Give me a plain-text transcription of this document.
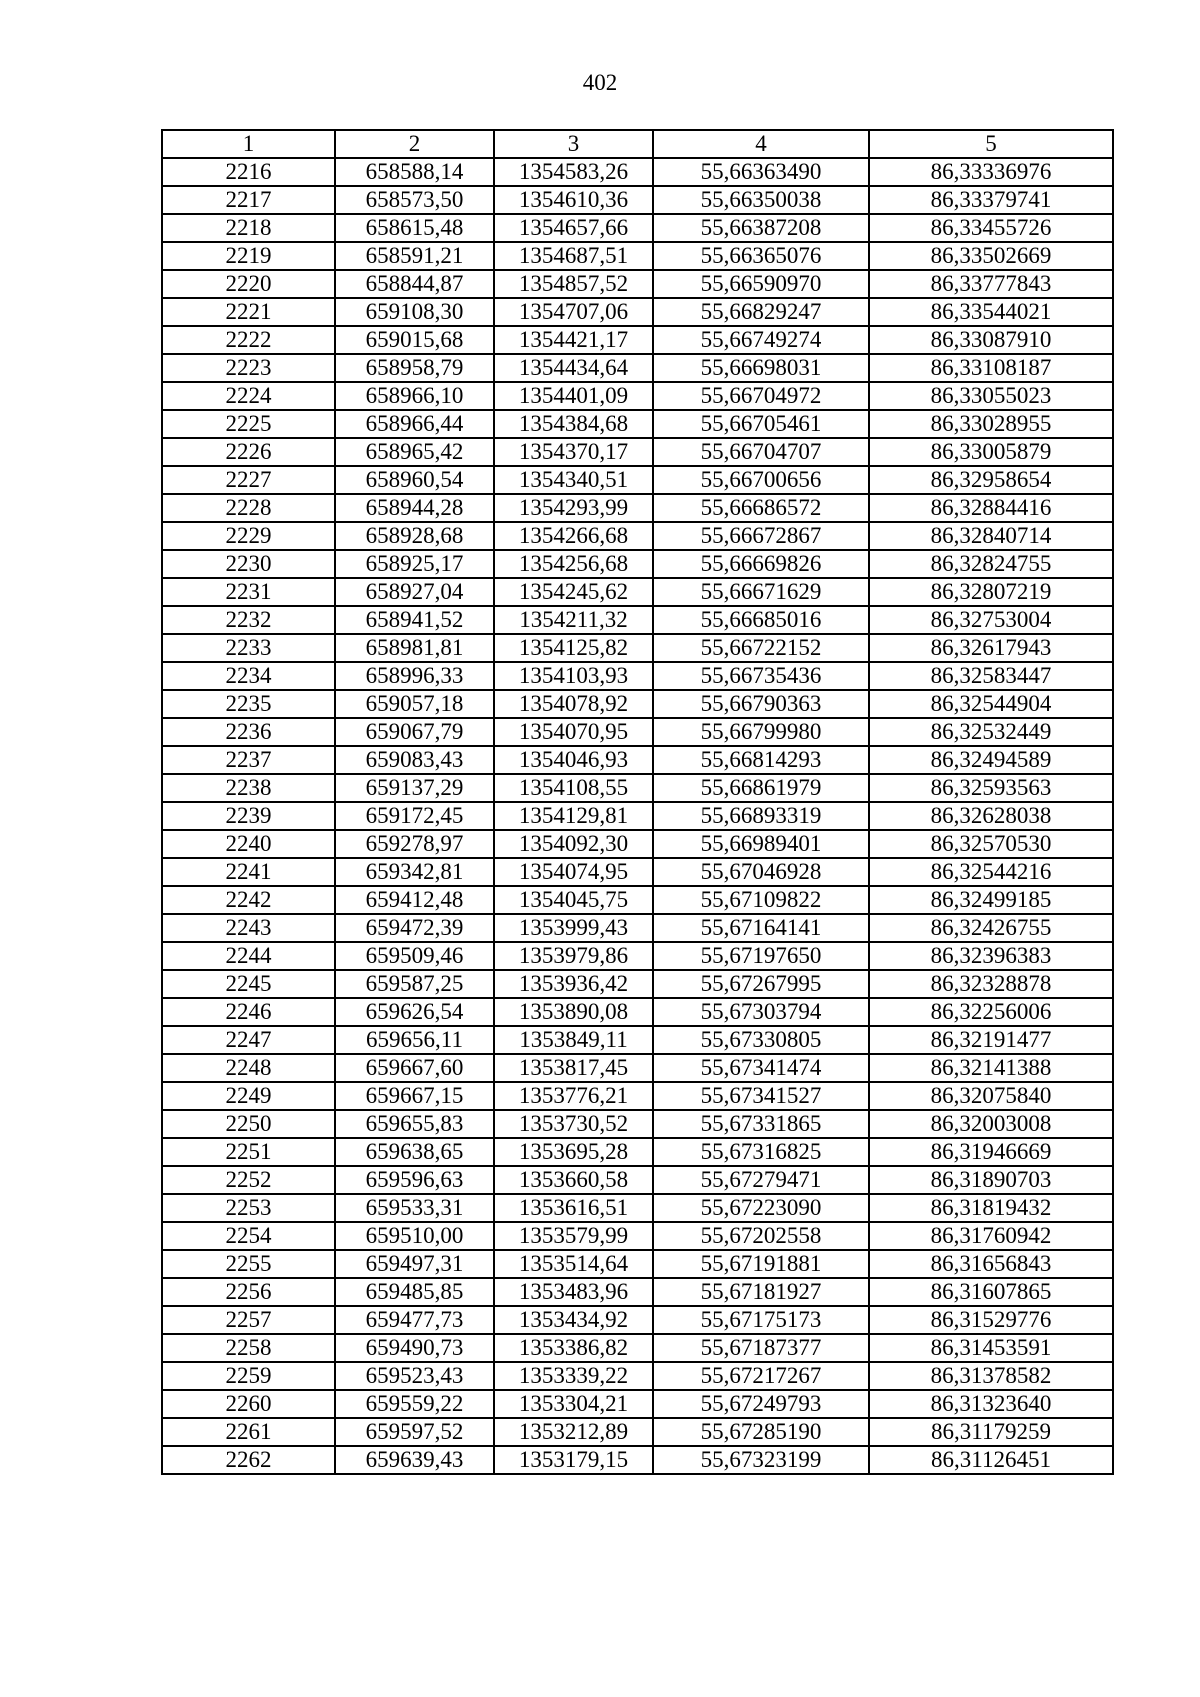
402
1	2	3	4	5
2216	658588,14	1354583,26	55,66363490	86,33336976
2217	658573,50	1354610,36	55,66350038	86,33379741
2218	658615,48	1354657,66	55,66387208	86,33455726
2219	658591,21	1354687,51	55,66365076	86,33502669
2220	658844,87	1354857,52	55,66590970	86,33777843
2221	659108,30	1354707,06	55,66829247	86,33544021
2222	659015,68	1354421,17	55,66749274	86,33087910
2223	658958,79	1354434,64	55,66698031	86,33108187
2224	658966,10	1354401,09	55,66704972	86,33055023
2225	658966,44	1354384,68	55,66705461	86,33028955
2226	658965,42	1354370,17	55,66704707	86,33005879
2227	658960,54	1354340,51	55,66700656	86,32958654
2228	658944,28	1354293,99	55,66686572	86,32884416
2229	658928,68	1354266,68	55,66672867	86,32840714
2230	658925,17	1354256,68	55,66669826	86,32824755
2231	658927,04	1354245,62	55,66671629	86,32807219
2232	658941,52	1354211,32	55,66685016	86,32753004
2233	658981,81	1354125,82	55,66722152	86,32617943
2234	658996,33	1354103,93	55,66735436	86,32583447
2235	659057,18	1354078,92	55,66790363	86,32544904
2236	659067,79	1354070,95	55,66799980	86,32532449
2237	659083,43	1354046,93	55,66814293	86,32494589
2238	659137,29	1354108,55	55,66861979	86,32593563
2239	659172,45	1354129,81	55,66893319	86,32628038
2240	659278,97	1354092,30	55,66989401	86,32570530
2241	659342,81	1354074,95	55,67046928	86,32544216
2242	659412,48	1354045,75	55,67109822	86,32499185
2243	659472,39	1353999,43	55,67164141	86,32426755
2244	659509,46	1353979,86	55,67197650	86,32396383
2245	659587,25	1353936,42	55,67267995	86,32328878
2246	659626,54	1353890,08	55,67303794	86,32256006
2247	659656,11	1353849,11	55,67330805	86,32191477
2248	659667,60	1353817,45	55,67341474	86,32141388
2249	659667,15	1353776,21	55,67341527	86,32075840
2250	659655,83	1353730,52	55,67331865	86,32003008
2251	659638,65	1353695,28	55,67316825	86,31946669
2252	659596,63	1353660,58	55,67279471	86,31890703
2253	659533,31	1353616,51	55,67223090	86,31819432
2254	659510,00	1353579,99	55,67202558	86,31760942
2255	659497,31	1353514,64	55,67191881	86,31656843
2256	659485,85	1353483,96	55,67181927	86,31607865
2257	659477,73	1353434,92	55,67175173	86,31529776
2258	659490,73	1353386,82	55,67187377	86,31453591
2259	659523,43	1353339,22	55,67217267	86,31378582
2260	659559,22	1353304,21	55,67249793	86,31323640
2261	659597,52	1353212,89	55,67285190	86,31179259
2262	659639,43	1353179,15	55,67323199	86,31126451
